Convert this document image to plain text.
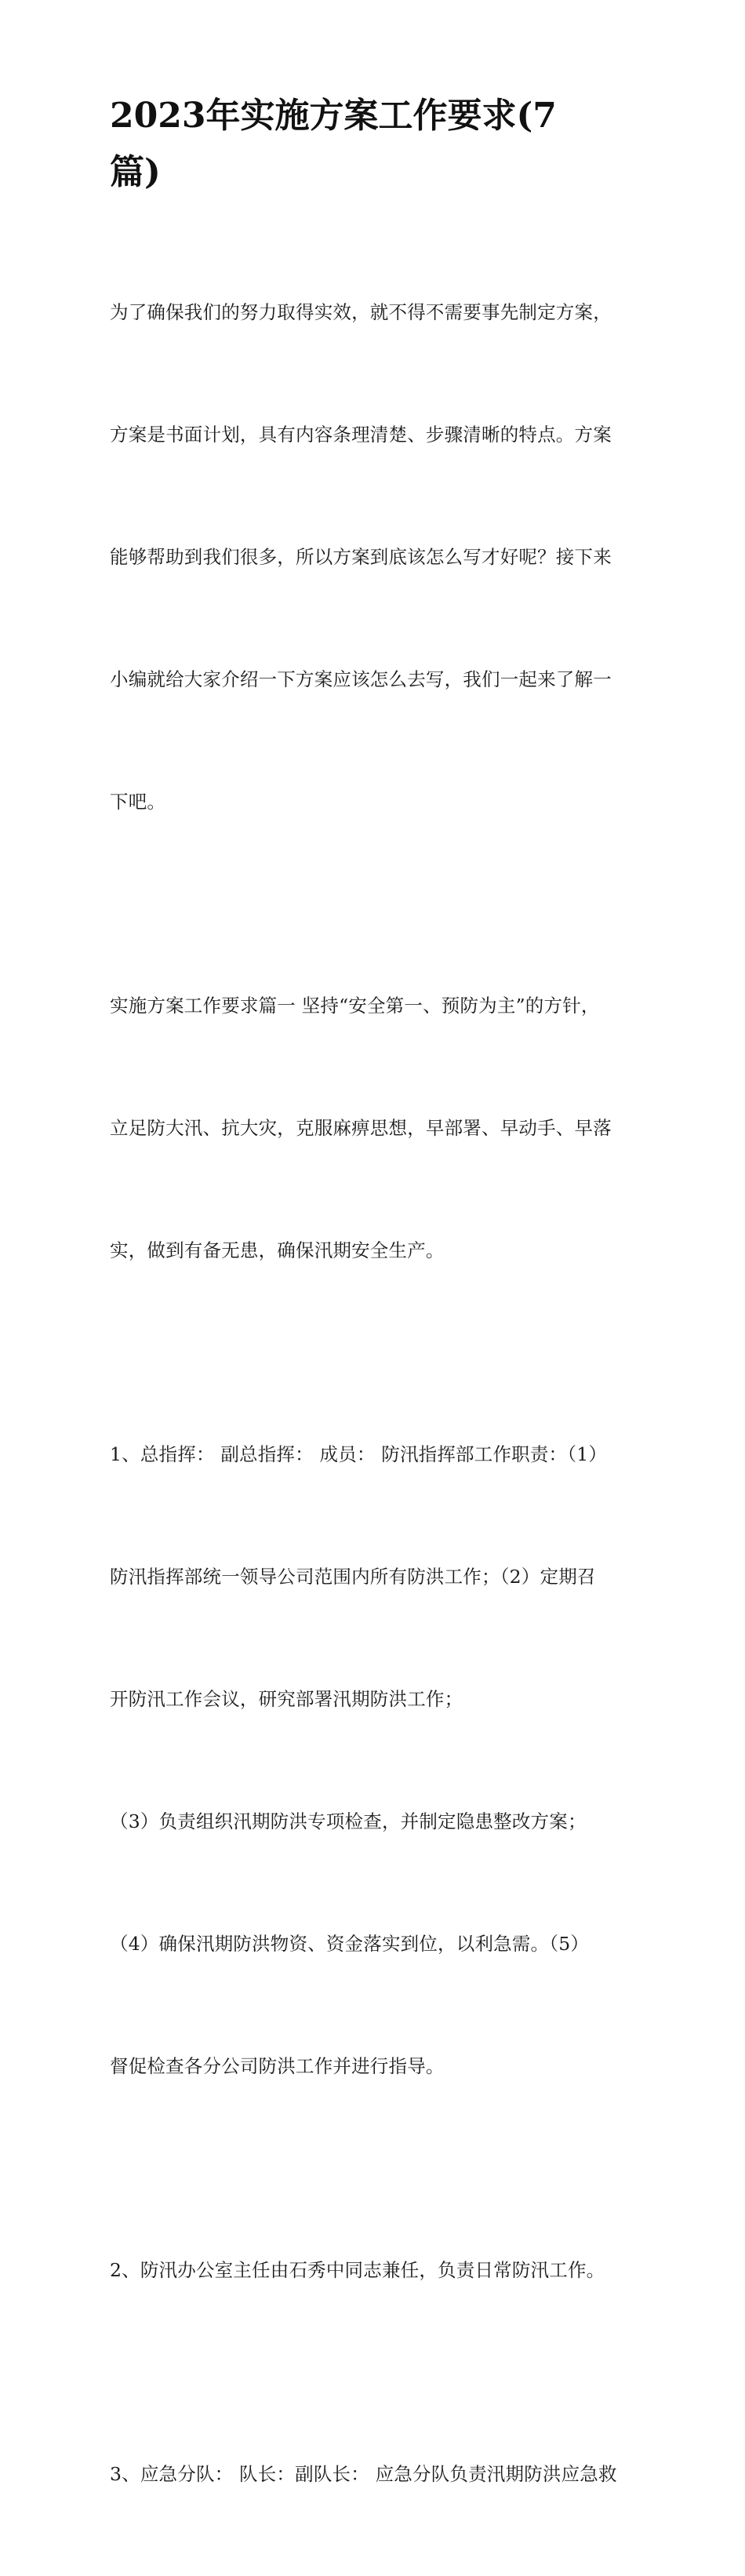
2023年实施方案工作要求(7
篇)

为了确保我们的努力取得实效，就不得不需要事先制定方案，

方案是书面计划，具有内容条理清楚、步骤清晰的特点。方案

能够帮助到我们很多，所以方案到底该怎么写才好呢？接下来

小编就给大家介绍一下方案应该怎么去写，我们一起来了解一

下吧。

实施方案工作要求篇一 坚持“安全第一、预防为主”的方针，

立足防大汛、抗大灾，克服麻痹思想，早部署、早动手、早落

实，做到有备无患，确保汛期安全生产。

1、总指挥： 副总指挥： 成员： 防汛指挥部工作职责：（1）

防汛指挥部统一领导公司范围内所有防洪工作；（2）定期召

开防汛工作会议，研究部署汛期防洪工作；

（3）负责组织汛期防洪专项检查，并制定隐患整改方案；

（4）确保汛期防洪物资、资金落实到位，以利急需。（5）

督促检查各分公司防洪工作并进行指导。

2、防汛办公室主任由石秀中同志兼任，负责日常防汛工作。

3、应急分队： 队长：副队长： 应急分队负责汛期防洪应急救
